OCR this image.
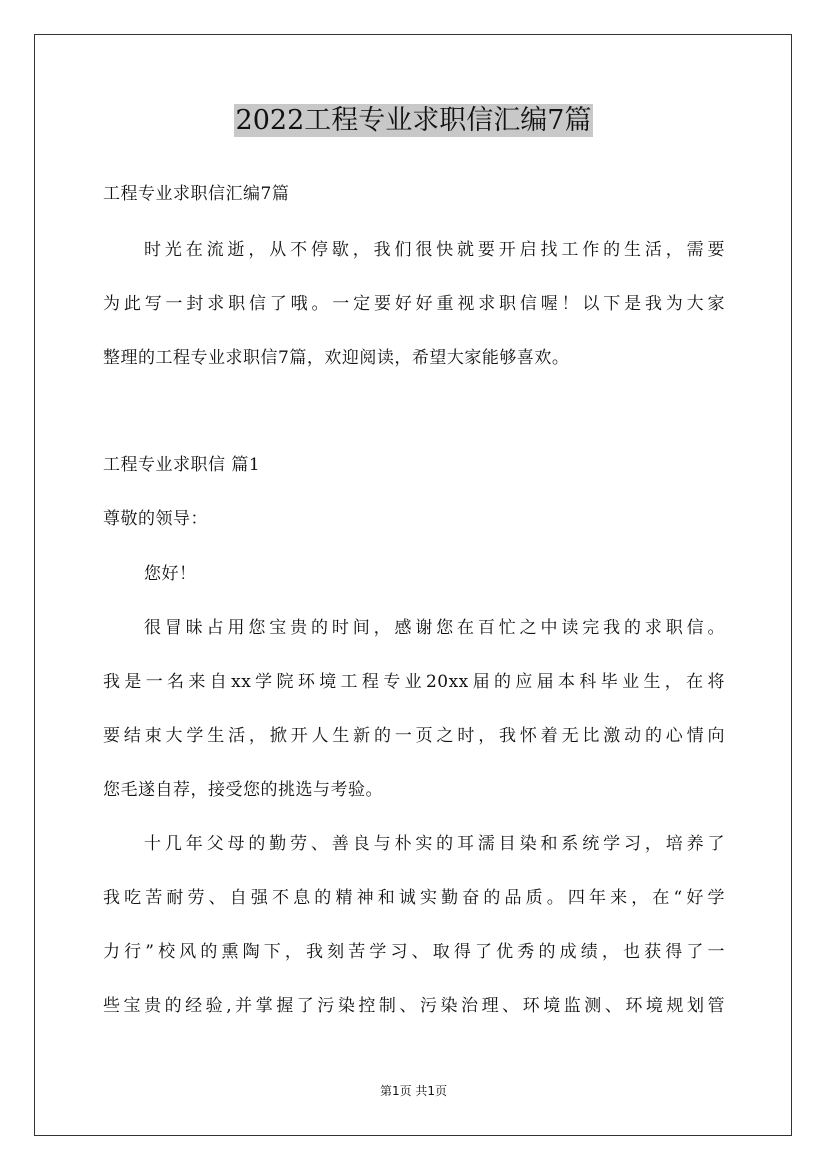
2022工程专业求职信汇编7篇

工程专业求职信汇编7篇

时光在流逝，从不停歇，我们很快就要开启找工作的生活，需要

为此写一封求职信了哦。一定要好好重视求职信喔！以下是我为大家

整理的工程专业求职信7篇，欢迎阅读，希望大家能够喜欢。

工程专业求职信 篇1

尊敬的领导：

您好！

很冒昧占用您宝贵的时间，感谢您在百忙之中读完我的求职信。

我是一名来自xx学院环境工程专业20xx届的应届本科毕业生，在将

要结束大学生活，掀开人生新的一页之时，我怀着无比激动的心情向

您毛遂自荐，接受您的挑选与考验。

十几年父母的勤劳、善良与朴实的耳濡目染和系统学习，培养了

我吃苦耐劳、自强不息的精神和诚实勤奋的品质。四年来，在“好学

力行”校风的熏陶下，我刻苦学习、取得了优秀的成绩，也获得了一

些宝贵的经验,并掌握了污染控制、污染治理、环境监测、环境规划管

第1页 共1页
